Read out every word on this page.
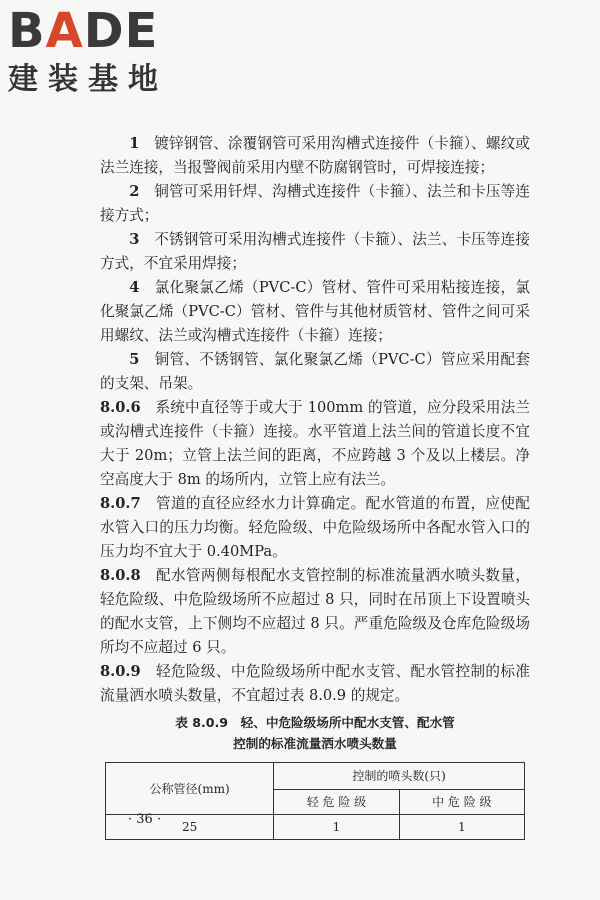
BADE
建装基地

1　 镀锌钢管、涂覆钢管可采用沟槽式连接件（卡箍）、螺纹或法兰连接，当报警阀前采用内壁不防腐钢管时，可焊接连接；

2　 铜管可采用钎焊、沟槽式连接件（卡箍）、法兰和卡压等连接方式；

3　 不锈钢管可采用沟槽式连接件（卡箍）、法兰、卡压等连接方式，不宜采用焊接；

4　 氯化聚氯乙烯（PVC-C）管材、管件可采用粘接连接，氯化聚氯乙烯（PVC-C）管材、管件与其他材质管材、管件之间可采用螺纹、法兰或沟槽式连接件（卡箍）连接；

5　 铜管、不锈钢管、氯化聚氯乙烯（PVC-C）管应采用配套的支架、吊架。

8.0.6　 系统中直径等于或大于 100mm 的管道，应分段采用法兰或沟槽式连接件（卡箍）连接。水平管道上法兰间的管道长度不宜大于 20m；立管上法兰间的距离，不应跨越 3 个及以上楼层。净空高度大于 8m 的场所内，立管上应有法兰。

8.0.7　 管道的直径应经水力计算确定。配水管道的布置，应使配水管入口的压力均衡。轻危险级、中危险级场所中各配水管入口的压力均不宜大于 0.40MPa。

8.0.8　 配水管两侧每根配水支管控制的标准流量洒水喷头数量，轻危险级、中危险级场所不应超过 8 只，同时在吊顶上下设置喷头的配水支管，上下侧均不应超过 8 只。严重危险级及仓库危险级场所均不应超过 6 只。

8.0.9　 轻危险级、中危险级场所中配水支管、配水管控制的标准流量洒水喷头数量，不宜超过表 8.0.9 的规定。

表 8.0.9　轻、中危险级场所中配水支管、配水管
控制的标准流量洒水喷头数量
公称管径(mm)	控制的喷头数(只)	
	轻 危 险 级	中 危 险 级
25	1	1
· 36 ·
